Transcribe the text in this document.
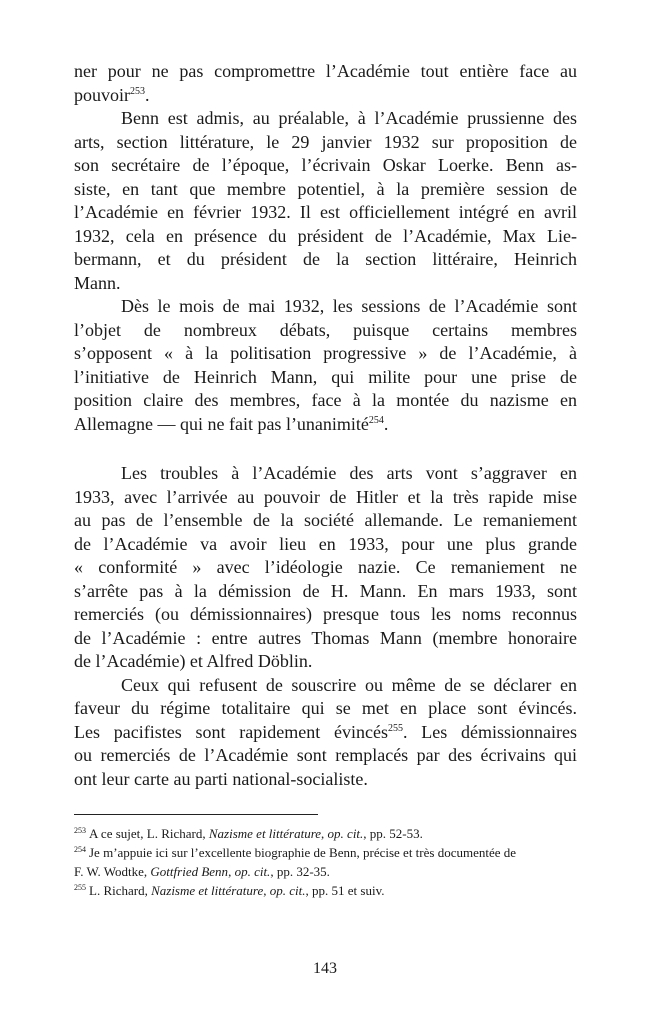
ner pour ne pas compromettre l’Académie tout entière face au
pouvoir$^{253}$.
Benn est admis, au préalable, à l’Académie prussienne des
arts, section littérature, le 29 janvier 1932 sur proposition de
son secrétaire de l’époque, l’écrivain Oskar Loerke. Benn as-
siste, en tant que membre potentiel, à la première session de
l’Académie en février 1932. Il est officiellement intégré en avril
1932, cela en présence du président de l’Académie, Max Lie-
bermann, et du président de la section littéraire, Heinrich
Mann.
Dès le mois de mai 1932, les sessions de l’Académie sont
l’objet de nombreux débats, puisque certains membres
s’opposent « à la politisation progressive » de l’Académie, à
l’initiative de Heinrich Mann, qui milite pour une prise de
position claire des membres, face à la montée du nazisme en
Allemagne — qui ne fait pas l’unanimité$^{254}$.
Les troubles à l’Académie des arts vont s’aggraver en
1933, avec l’arrivée au pouvoir de Hitler et la très rapide mise
au pas de l’ensemble de la société allemande. Le remaniement
de l’Académie va avoir lieu en 1933, pour une plus grande
« conformité » avec l’idéologie nazie. Ce remaniement ne
s’arrête pas à la démission de H. Mann. En mars 1933, sont
remerciés (ou démissionnaires) presque tous les noms reconnus
de l’Académie : entre autres Thomas Mann (membre honoraire
de l’Académie) et Alfred Döblin.
Ceux qui refusent de souscrire ou même de se déclarer en
faveur du régime totalitaire qui se met en place sont évincés.
Les pacifistes sont rapidement évincés$^{255}$. Les démissionnaires
ou remerciés de l’Académie sont remplacés par des écrivains qui
ont leur carte au parti national-socialiste.
$^{253}$ A ce sujet, L. Richard, Nazisme et littérature, op. cit., pp. 52-53.
$^{254}$ Je m’appuie ici sur l’excellente biographie de Benn, précise et très documentée de
F. W. Wodtke, Gottfried Benn, op. cit., pp. 32-35.
$^{255}$ L. Richard, Nazisme et littérature, op. cit., pp. 51 et suiv.
143
